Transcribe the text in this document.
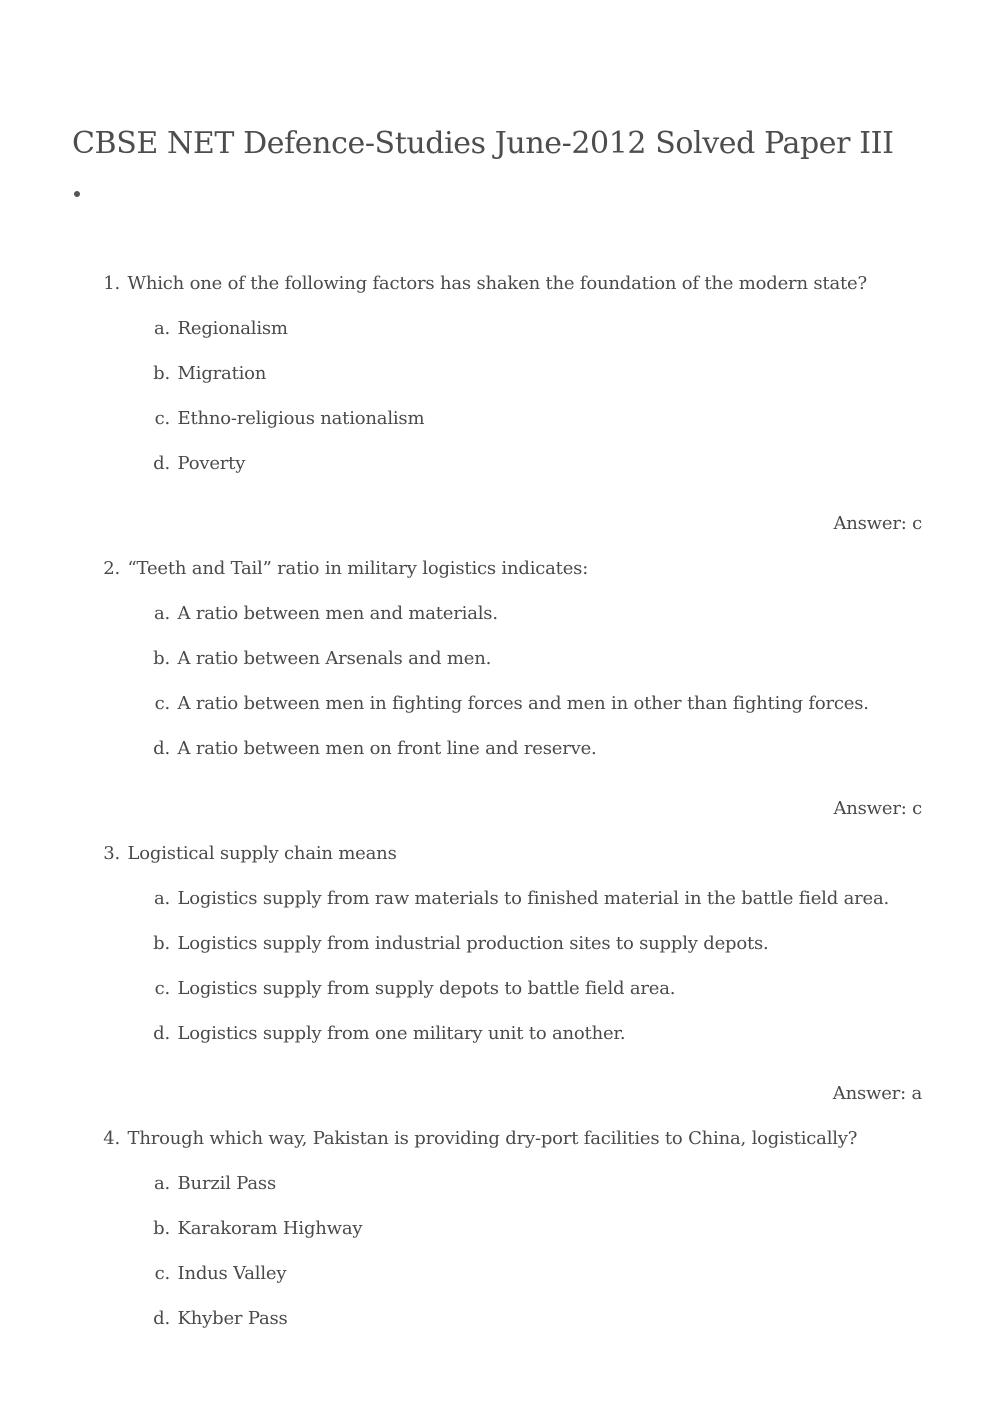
CBSE NET Defence-Studies June-2012 Solved Paper III
1. Which one of the following factors has shaken the foundation of the modern state?
a. Regionalism
b. Migration
c. Ethno-religious nationalism
d. Poverty
Answer: c
2. “Teeth and Tail” ratio in military logistics indicates:
a. A ratio between men and materials.
b. A ratio between Arsenals and men.
c. A ratio between men in fighting forces and men in other than fighting forces.
d. A ratio between men on front line and reserve.
Answer: c
3. Logistical supply chain means
a. Logistics supply from raw materials to finished material in the battle field area.
b. Logistics supply from industrial production sites to supply depots.
c. Logistics supply from supply depots to battle field area.
d. Logistics supply from one military unit to another.
Answer: a
4. Through which way, Pakistan is providing dry-port facilities to China, logistically?
a. Burzil Pass
b. Karakoram Highway
c. Indus Valley
d. Khyber Pass
